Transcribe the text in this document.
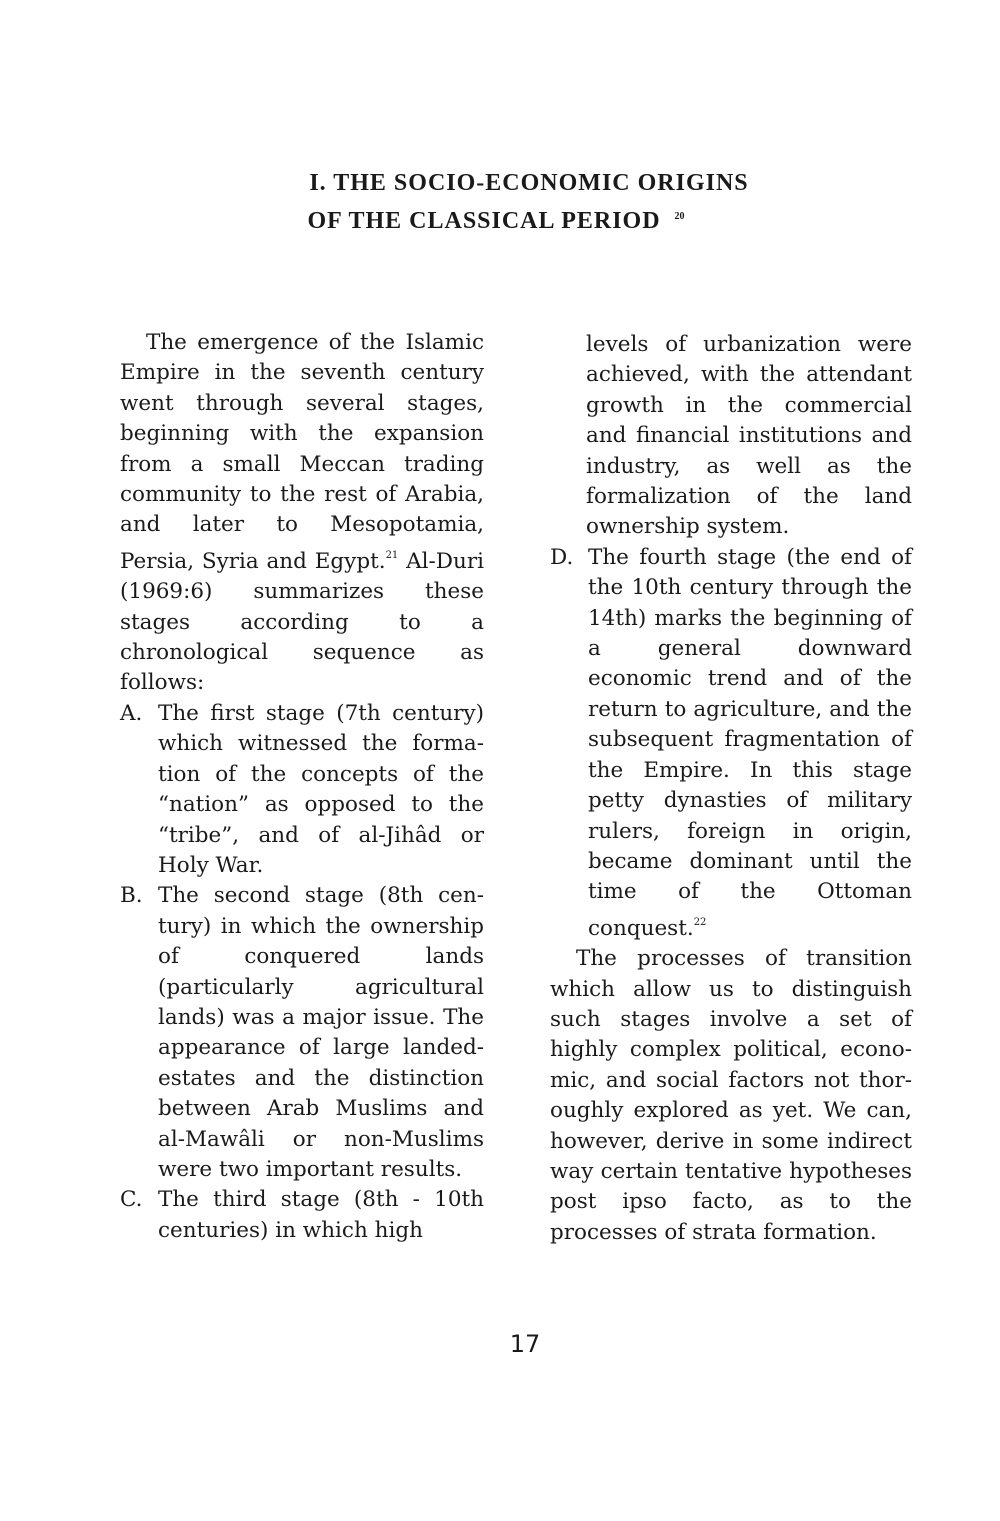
I. THE SOCIO-ECONOMIC ORIGINS
OF THE CLASSICAL PERIOD $^{20}$

The emergence of the Islamic Empire in the seventh century went through several stages, beginning with the expansion from a small Meccan trading community to the rest of Arabia, and later to Mesopotamia, Persia, Syria and Egypt.$^{21}$ Al-Duri (1969:6) summarizes these stages according to a chronological sequence as follows:

A. The first stage (7th century) which witnessed the formation of the concepts of the “nation” as opposed to the “tribe”, and of al-Jihâd or Holy War.

B. The second stage (8th century) in which the ownership of conquered lands (particularly agricultural lands) was a major issue. The appearance of large landed-estates and the distinction between Arab Muslims and al-Mawâli or non-Muslims were two important results.

C. The third stage (8th - 10th centuries) in which high

levels of urbanization were achieved, with the attendant growth in the commercial and financial institutions and industry, as well as the formalization of the land ownership system.

D. The fourth stage (the end of the 10th century through the 14th) marks the beginning of a general downward economic trend and of the return to agriculture, and the subsequent fragmentation of the Empire. In this stage petty dynasties of military rulers, foreign in origin, became dominant until the time of the Ottoman conquest.$^{22}$

The processes of transition which allow us to distinguish such stages involve a set of highly complex political, economic, and social factors not thoroughly explored as yet. We can, however, derive in some indirect way certain tentative hypotheses post ipso facto, as to the processes of strata formation.

17
